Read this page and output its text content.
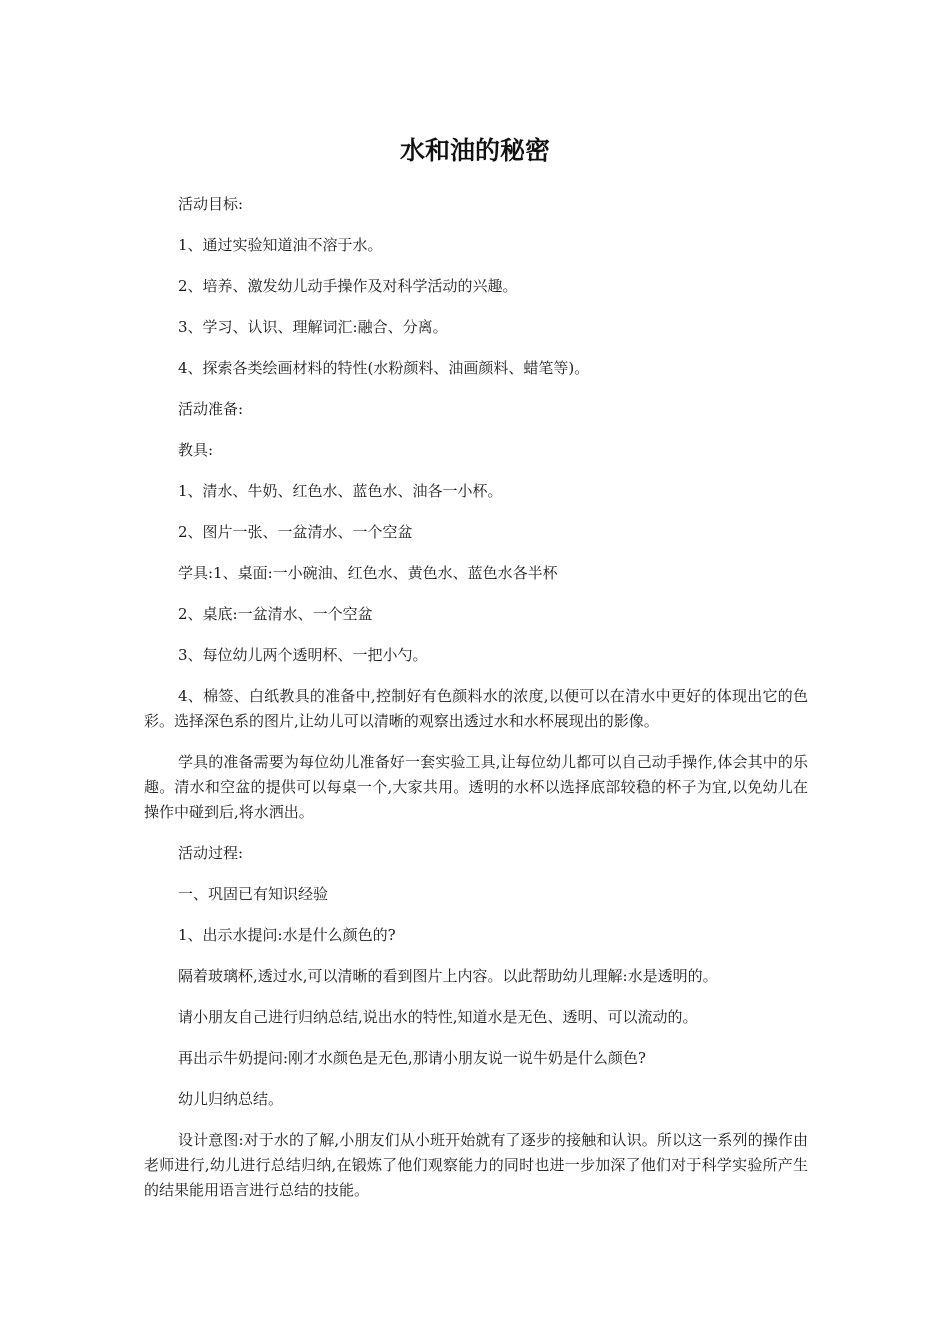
水和油的秘密

活动目标:

1、通过实验知道油不溶于水。

2、培养、激发幼儿动手操作及对科学活动的兴趣。

3、学习、认识、理解词汇:融合、分离。

4、探索各类绘画材料的特性(水粉颜料、油画颜料、蜡笔等)。

活动准备:

教具:

1、清水、牛奶、红色水、蓝色水、油各一小杯。

2、图片一张、一盆清水、一个空盆

学具:1、桌面:一小碗油、红色水、黄色水、蓝色水各半杯

2、桌底:一盆清水、一个空盆

3、每位幼儿两个透明杯、一把小勺。

4、棉签、白纸教具的准备中,控制好有色颜料水的浓度,以便可以在清水中更好的体现出它的色彩。选择深色系的图片,让幼儿可以清晰的观察出透过水和水杯展现出的影像。

学具的准备需要为每位幼儿准备好一套实验工具,让每位幼儿都可以自己动手操作,体会其中的乐趣。清水和空盆的提供可以每桌一个,大家共用。透明的水杯以选择底部较稳的杯子为宜,以免幼儿在操作中碰到后,将水洒出。

活动过程:

一、巩固已有知识经验

1、出示水提问:水是什么颜色的?

隔着玻璃杯,透过水,可以清晰的看到图片上内容。以此帮助幼儿理解:水是透明的。

请小朋友自己进行归纳总结,说出水的特性,知道水是无色、透明、可以流动的。

再出示牛奶提问:刚才水颜色是无色,那请小朋友说一说牛奶是什么颜色?

幼儿归纳总结。

设计意图:对于水的了解,小朋友们从小班开始就有了逐步的接触和认识。所以这一系列的操作由老师进行,幼儿进行总结归纳,在锻炼了他们观察能力的同时也进一步加深了他们对于科学实验所产生的结果能用语言进行总结的技能。
